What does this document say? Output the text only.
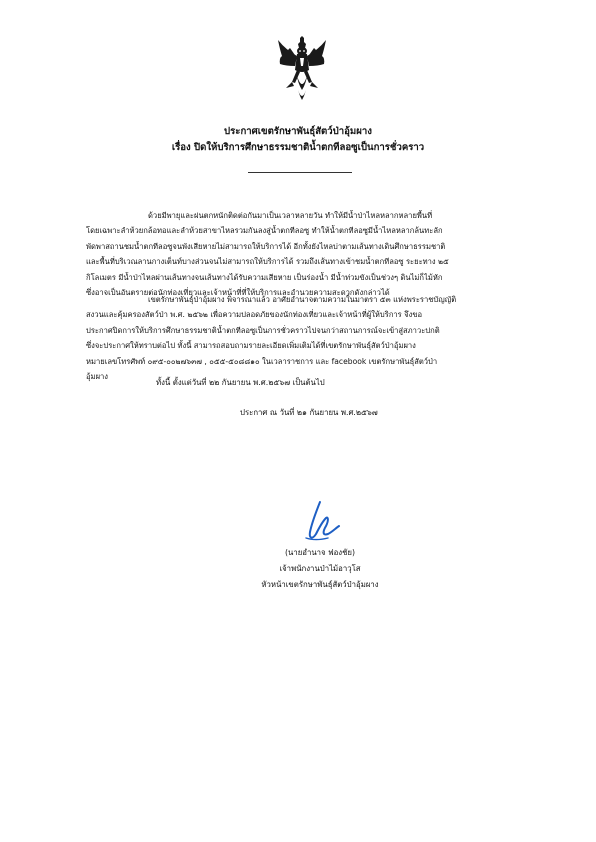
ประกาศเขตรักษาพันธุ์สัตว์ป่าอุ้มผาง
เรื่อง ปิดให้บริการศึกษาธรรมชาติน้ำตกทีลอซูเป็นการชั่วคราว
ด้วยมีพายุและฝนตกหนักติดต่อกันมาเป็นเวลาหลายวัน ทำให้มีน้ำป่าไหลหลากหลายพื้นที่
โดยเฉพาะลำห้วยกล้อทอและลำห้วยสาขาไหลรวมกันลงสู่น้ำตกทีลอซู ทำให้น้ำตกทีลอซูมีน้ำไหลหลากล้นทะลัก
พัดพาสถานชมน้ำตกทีลอซูจนพังเสียหายไม่สามารถให้บริการได้ อีกทั้งยังไหลบ่าตามเส้นทางเดินศึกษาธรรมชาติ
และพื้นที่บริเวณลานกางเต็นท์บางส่วนจนไม่สามารถให้บริการได้ รวมถึงเส้นทางเข้าชมน้ำตกทีลอซู ระยะทาง ๒๕
กิโลเมตร มีน้ำป่าไหลผ่านเส้นทางจนเส้นทางได้รับความเสียหาย เป็นร่องน้ำ มีน้ำท่วมขังเป็นช่วงๆ ดินไม่ก็ไม้หัก
ซึ่งอาจเป็นอันตรายต่อนักท่องเที่ยวและเจ้าหน้าที่ที่ให้บริการและอำนวยความสะดวกดังกล่าวได้
เขตรักษาพันธุ์ป่าอุ้มผาง พิจารณาแล้ว อาศัยอำนาจตามความในมาตรา ๕๓ แห่งพระราชบัญญัติ
สงวนและคุ้มครองสัตว์ป่า พ.ศ. ๒๕๖๒ เพื่อความปลอดภัยของนักท่องเที่ยวและเจ้าหน้าที่ผู้ให้บริการ จึงขอ
ประกาศปิดการให้บริการศึกษาธรรมชาติน้ำตกทีลอซูเป็นการชั่วคราวไปจนกว่าสถานการณ์จะเข้าสู่สภาวะปกติ
ซึ่งจะประกาศให้ทราบต่อไป ทั้งนี้ สามารถสอบถามรายละเอียดเพิ่มเติมได้ที่เขตรักษาพันธุ์สัตว์ป่าอุ้มผาง
หมายเลขโทรศัพท์ ๐๙๕-๐๐๒๗๖๓๗ , ๐๕๕-๕๐๘๘๑๐ ในเวลาราชการ และ facebook เขตรักษาพันธุ์สัตว์ป่า
อุ้มผาง
ทั้งนี้ ตั้งแต่วันที่ ๒๒ กันยายน พ.ศ.๒๕๖๗ เป็นต้นไป
ประกาศ ณ วันที่ ๒๑ กันยายน พ.ศ.๒๕๖๗
(นายอำนาจ ฟองชัย)
เจ้าพนักงานป่าไม้อาวุโส
หัวหน้าเขตรักษาพันธุ์สัตว์ป่าอุ้มผาง
